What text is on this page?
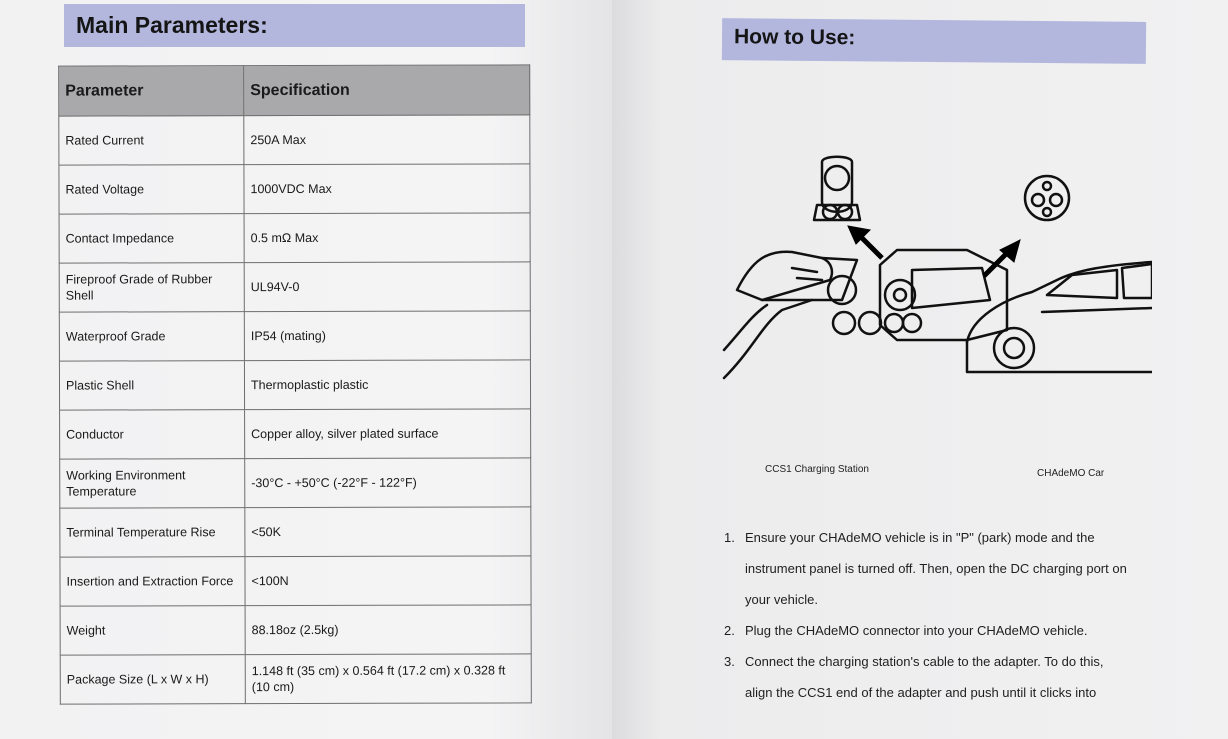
Main Parameters:
Parameter	Specification
Rated Current	250A Max
Rated Voltage	1000VDC Max
Contact Impedance	0.5 mΩ Max
Fireproof Grade of Rubber Shell	UL94V-0
Waterproof Grade	IP54 (mating)
Plastic Shell	Thermoplastic plastic
Conductor	Copper alloy, silver plated surface
Working Environment Temperature	-30°C - +50°C (-22°F - 122°F)
Terminal Temperature Rise	<50K
Insertion and Extraction Force	<100N
Weight	88.18oz (2.5kg)
Package Size (L x W x H)	1.148 ft (35 cm) x 0.564 ft (17.2 cm) x 0.328 ft (10 cm)
How to Use:
CCS1 Charging Station	CHAdeMO Car
1. Ensure your CHAdeMO vehicle is in "P" (park) mode and the instrument panel is turned off. Then, open the DC charging port on your vehicle.
2. Plug the CHAdeMO connector into your CHAdeMO vehicle.
3. Connect the charging station's cable to the adapter. To do this, align the CCS1 end of the adapter and push until it clicks into
